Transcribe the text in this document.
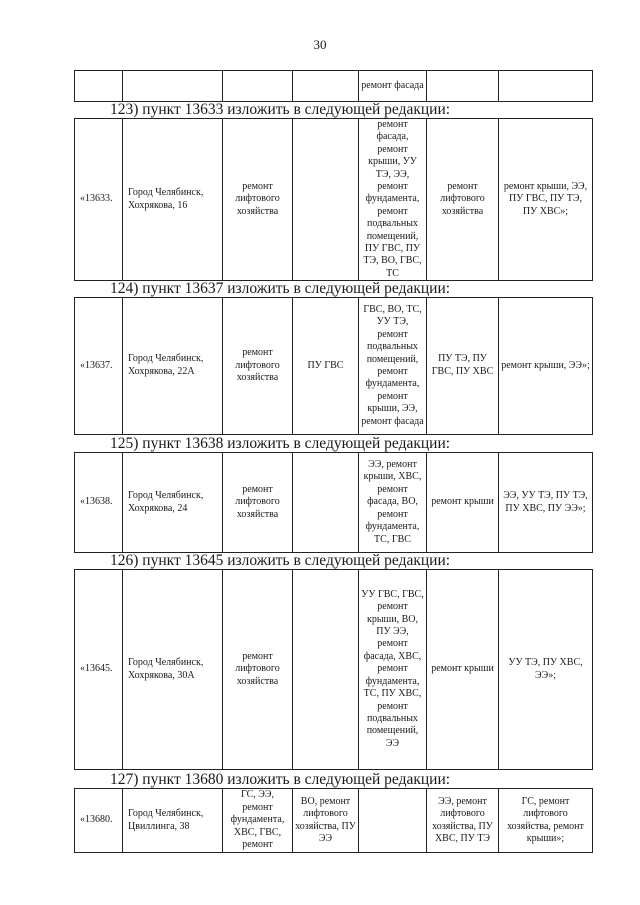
30
				ремонт фасада		
123) пункт 13633 изложить в следующей редакции:
«13633.	Город Челябинск, Хохрякова, 16	ремонт лифтового хозяйства		ремонт фасада, ремонт крыши, УУ ТЭ, ЭЭ, ремонт фундамента, ремонт подвальных помещений, ПУ ГВС, ПУ ТЭ, ВО, ГВС, ТС	ремонт лифтового хозяйства	ремонт крыши, ЭЭ, ПУ ГВС, ПУ ТЭ, ПУ ХВС»;
124) пункт 13637 изложить в следующей редакции:
«13637.	Город Челябинск, Хохрякова, 22А	ремонт лифтового хозяйства	ПУ ГВС	ГВС, ВО, ТС, УУ ТЭ, ремонт подвальных помещений, ремонт фундамента, ремонт крыши, ЭЭ, ремонт фасада	ПУ ТЭ, ПУ ГВС, ПУ ХВС	ремонт крыши, ЭЭ»;
125) пункт 13638 изложить в следующей редакции:
«13638.	Город Челябинск, Хохрякова, 24	ремонт лифтового хозяйства		ЭЭ, ремонт крыши, ХВС, ремонт фасада, ВО, ремонт фундамента, ТС, ГВС	ремонт крыши	ЭЭ, УУ ТЭ, ПУ ТЭ, ПУ ХВС, ПУ ЭЭ»;
126) пункт 13645 изложить в следующей редакции:
«13645.	Город Челябинск, Хохрякова, 30А	ремонт лифтового хозяйства		УУ ГВС, ГВС, ремонт крыши, ВО, ПУ ЭЭ, ремонт фасада, ХВС, ремонт фундамента, ТС, ПУ ХВС, ремонт подвальных помещений, ЭЭ	ремонт крыши	УУ ТЭ, ПУ ХВС, ЭЭ»;
127) пункт 13680 изложить в следующей редакции:
«13680.	Город Челябинск, Цвиллинга, 38	ГС, ЭЭ, ремонт фундамента, ХВС, ГВС, ремонт	ВО, ремонт лифтового хозяйства, ПУ ЭЭ		ЭЭ, ремонт лифтового хозяйства, ПУ ХВС, ПУ ТЭ	ГС, ремонт лифтового хозяйства, ремонт крыши»;
